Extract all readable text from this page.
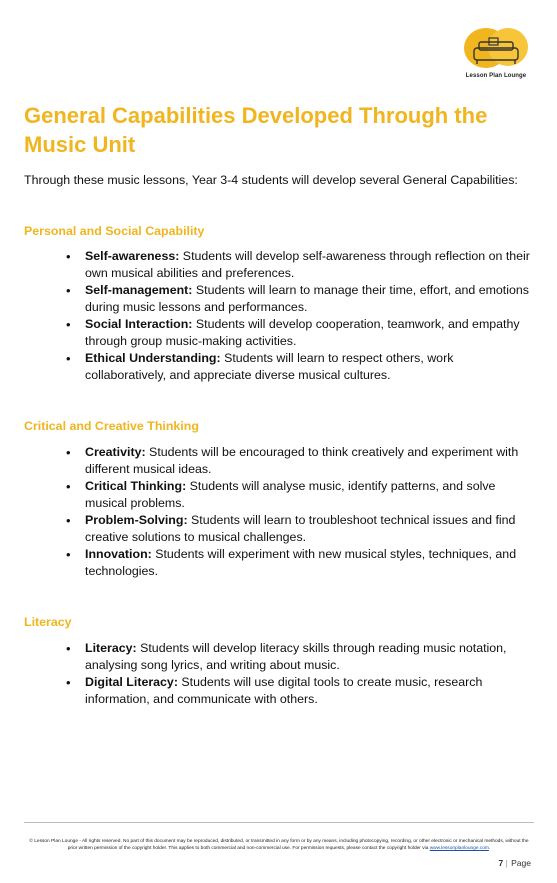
Lesson Plan Lounge
General Capabilities Developed Through the Music Unit
Through these music lessons, Year 3-4 students will develop several General Capabilities:
Personal and Social Capability
• Self-awareness: Students will develop self-awareness through reflection on their own musical abilities and preferences.
• Self-management: Students will learn to manage their time, effort, and emotions during music lessons and performances.
• Social Interaction: Students will develop cooperation, teamwork, and empathy through group music-making activities.
• Ethical Understanding: Students will learn to respect others, work collaboratively, and appreciate diverse musical cultures.
Critical and Creative Thinking
• Creativity: Students will be encouraged to think creatively and experiment with different musical ideas.
• Critical Thinking: Students will analyse music, identify patterns, and solve musical problems.
• Problem-Solving: Students will learn to troubleshoot technical issues and find creative solutions to musical challenges.
• Innovation: Students will experiment with new musical styles, techniques, and technologies.
Literacy
• Literacy: Students will develop literacy skills through reading music notation, analysing song lyrics, and writing about music.
• Digital Literacy: Students will use digital tools to create music, research information, and communicate with others.
© Lesson Plan Lounge - All rights reserved. No part of this document may be reproduced, distributed, or transmitted in any form or by any means, including photocopying, recording, or other electronic or mechanical methods, without the prior written permission of the copyright holder. This applies to both commercial and non-commercial use. For permission requests, please contact the copyright holder via www.lessonplanlounge.com.
7 | Page
